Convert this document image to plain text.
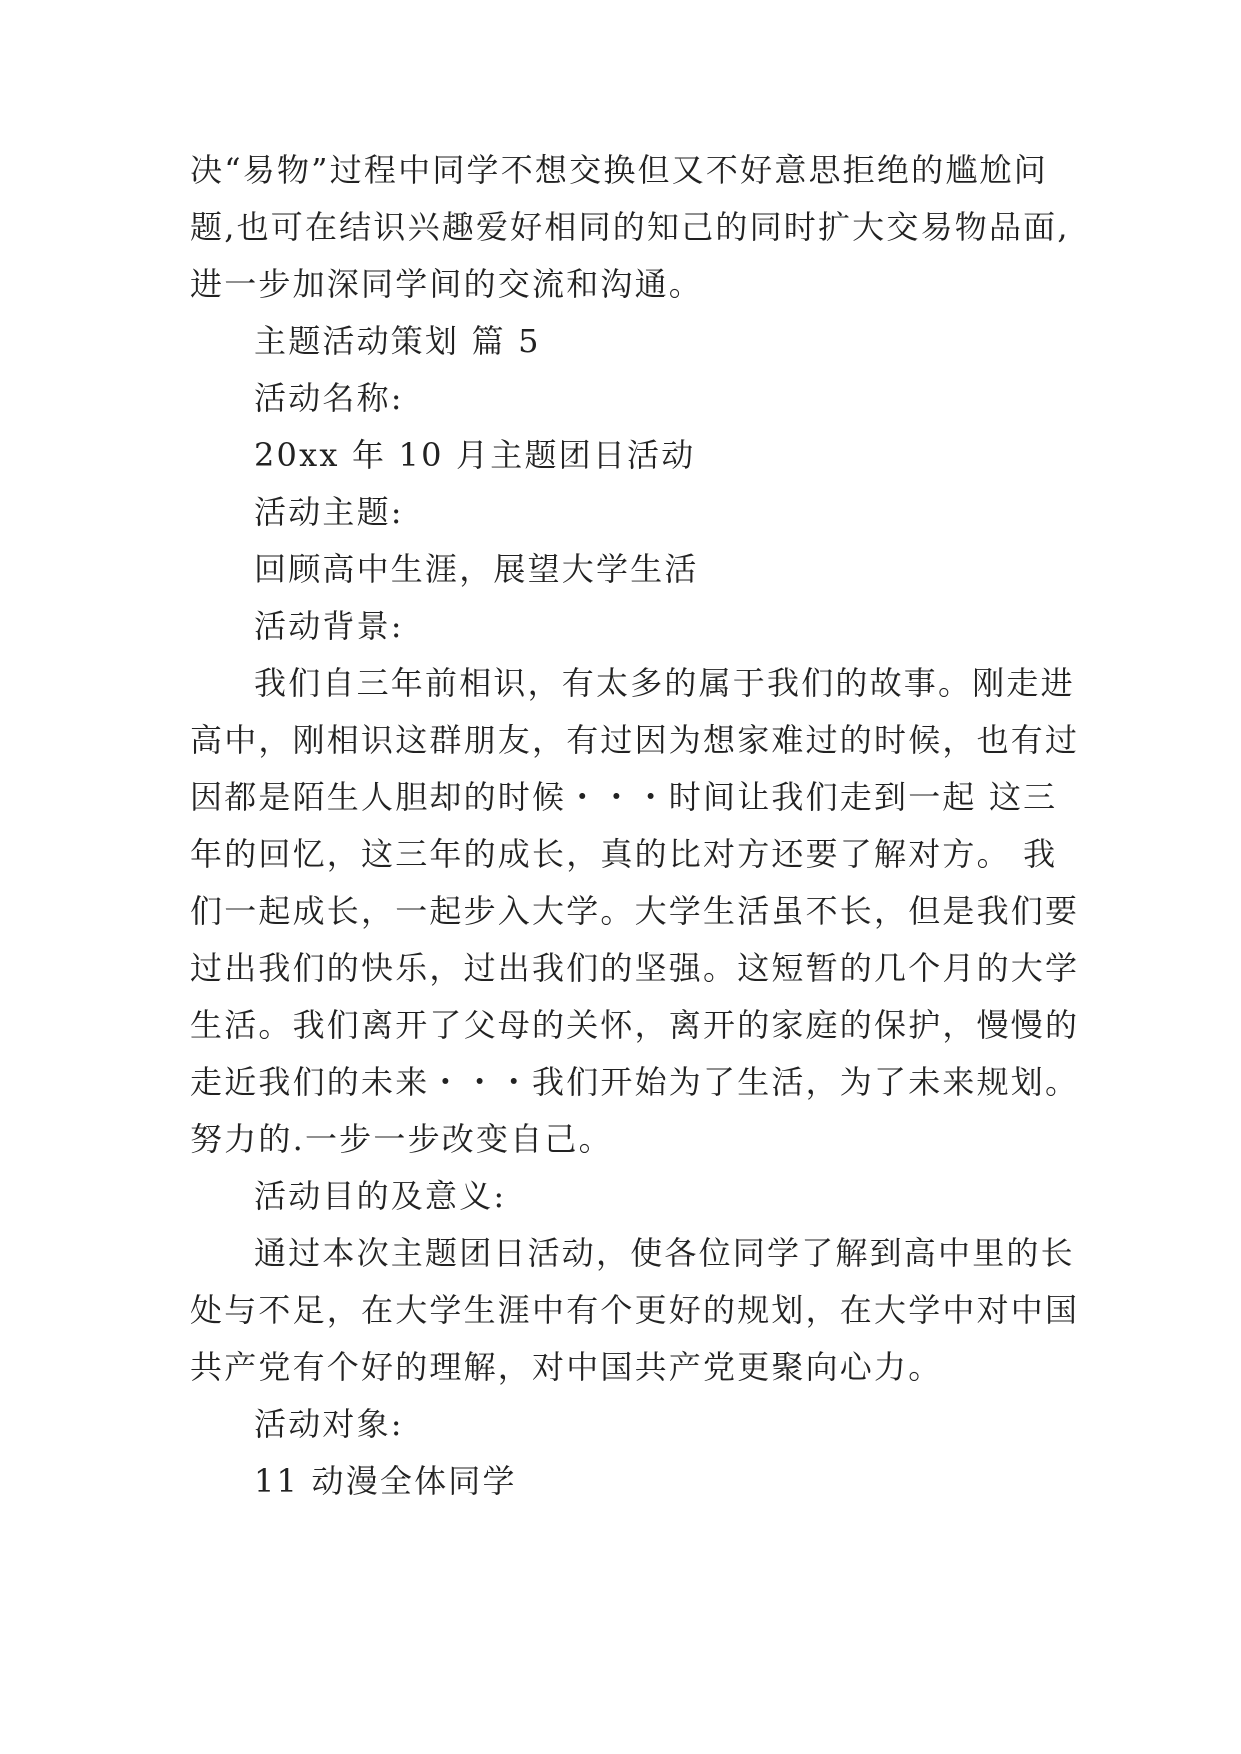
决“易物”过程中同学不想交换但又不好意思拒绝的尴尬问
题,也可在结识兴趣爱好相同的知己的同时扩大交易物品面,
进一步加深同学间的交流和沟通。
主题活动策划 篇 5
活动名称:
20xx 年 10 月主题团日活动
活动主题:
回顾高中生涯，展望大学生活
活动背景:
我们自三年前相识，有太多的属于我们的故事。刚走进
高中，刚相识这群朋友，有过因为想家难过的时候，也有过
因都是陌生人胆却的时候・・・时间让我们走到一起 这三
年的回忆，这三年的成长，真的比对方还要了解对方。 我
们一起成长，一起步入大学。大学生活虽不长，但是我们要
过出我们的快乐，过出我们的坚强。这短暂的几个月的大学
生活。我们离开了父母的关怀，离开的家庭的保护，慢慢的
走近我们的未来・・・我们开始为了生活，为了未来规划。
努力的.一步一步改变自己。
活动目的及意义:
通过本次主题团日活动，使各位同学了解到高中里的长
处与不足，在大学生涯中有个更好的规划，在大学中对中国
共产党有个好的理解，对中国共产党更聚向心力。
活动对象:
11 动漫全体同学
